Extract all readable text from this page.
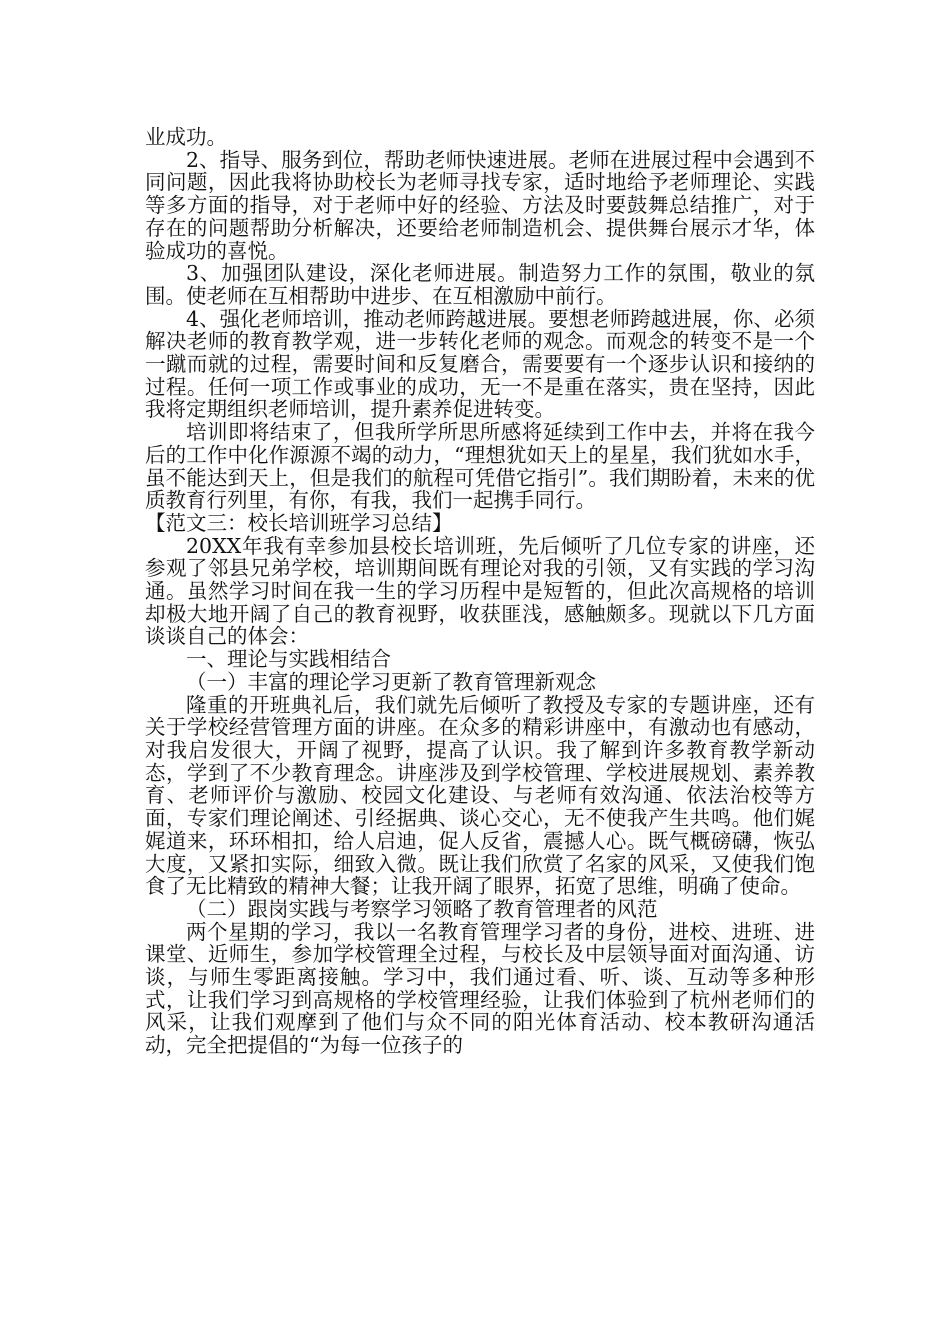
业成功。

2、指导、服务到位，帮助老师快速进展。老师在进展过程中会遇到不同问题，因此我将协助校长为老师寻找专家，适时地给予老师理论、实践等多方面的指导，对于老师中好的经验、方法及时要鼓舞总结推广，对于存在的问题帮助分析解决，还要给老师制造机会、提供舞台展示才华，体验成功的喜悦。

3、加强团队建设，深化老师进展。制造努力工作的氛围，敬业的氛围。使老师在互相帮助中进步、在互相激励中前行。

4、强化老师培训，推动老师跨越进展。要想老师跨越进展，你、必须解决老师的教育教学观，进一步转化老师的观念。而观念的转变不是一个一蹴而就的过程，需要时间和反复磨合，需要要有一个逐步认识和接纳的过程。任何一项工作或事业的成功，无一不是重在落实，贵在坚持，因此我将定期组织老师培训，提升素养促进转变。

培训即将结束了，但我所学所思所感将延续到工作中去，并将在我今后的工作中化作源源不竭的动力，“理想犹如天上的星星，我们犹如水手，虽不能达到天上，但是我们的航程可凭借它指引”。我们期盼着，未来的优质教育行列里，有你，有我，我们一起携手同行。

【范文三：校长培训班学习总结】

20XX年我有幸参加县校长培训班，先后倾听了几位专家的讲座，还参观了邻县兄弟学校，培训期间既有理论对我的引领，又有实践的学习沟通。虽然学习时间在我一生的学习历程中是短暂的，但此次高规格的培训却极大地开阔了自己的教育视野，收获匪浅，感触颇多。现就以下几方面谈谈自己的体会：

一、理论与实践相结合

（一）丰富的理论学习更新了教育管理新观念

隆重的开班典礼后，我们就先后倾听了教授及专家的专题讲座，还有关于学校经营管理方面的讲座。在众多的精彩讲座中，有激动也有感动，对我启发很大，开阔了视野，提高了认识。我了解到许多教育教学新动态，学到了不少教育理念。讲座涉及到学校管理、学校进展规划、素养教育、老师评价与激励、校园文化建设、与老师有效沟通、依法治校等方面，专家们理论阐述、引经据典、谈心交心，无不使我产生共鸣。他们娓娓道来，环环相扣，给人启迪，促人反省，震撼人心。既气概磅礴，恢弘大度，又紧扣实际，细致入微。既让我们欣赏了名家的风采，又使我们饱食了无比精致的精神大餐；让我开阔了眼界，拓宽了思维，明确了使命。

（二）跟岗实践与考察学习领略了教育管理者的风范

两个星期的学习，我以一名教育管理学习者的身份，进校、进班、进课堂、近师生，参加学校管理全过程，与校长及中层领导面对面沟通、访谈，与师生零距离接触。学习中，我们通过看、听、谈、互动等多种形式，让我们学习到高规格的学校管理经验，让我们体验到了杭州老师们的风采，让我们观摩到了他们与众不同的阳光体育活动、校本教研沟通活动，完全把提倡的“为每一位孩子的
